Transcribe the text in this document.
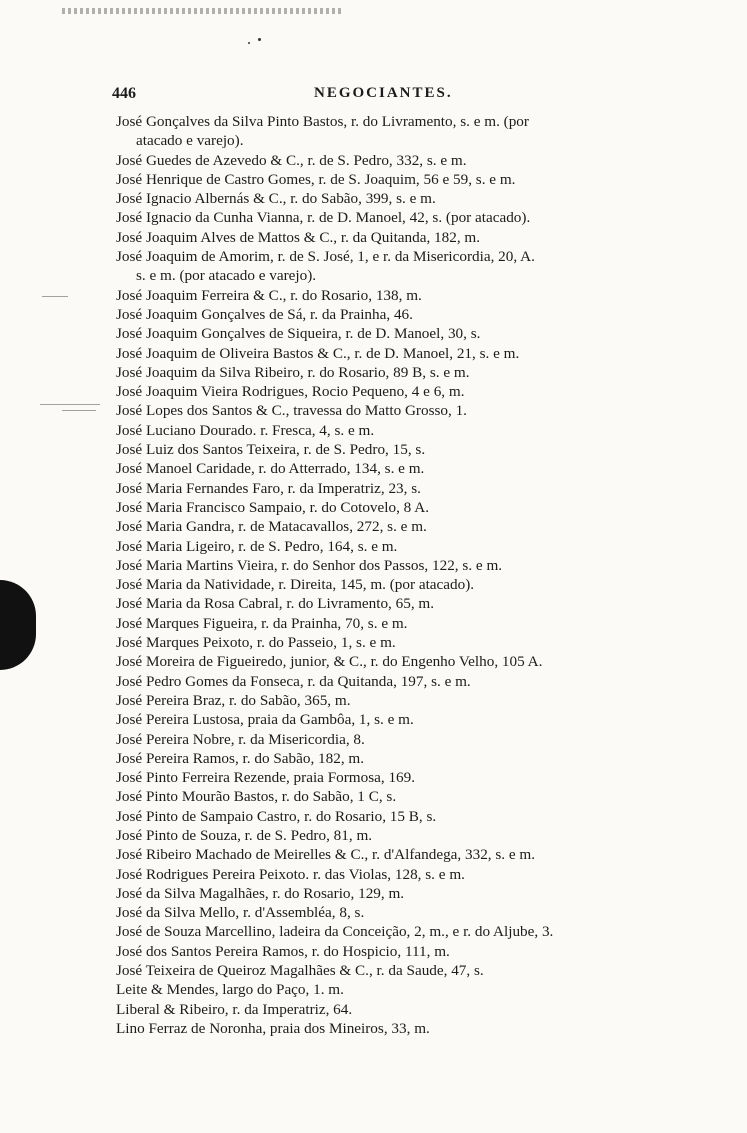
446	NEGOCIANTES.
José Gonçalves da Silva Pinto Bastos, r. do Livramento, s. e m. (por
atacado e varejo).
José Guedes de Azevedo & C., r. de S. Pedro, 332, s. e m.
José Henrique de Castro Gomes, r. de S. Joaquim, 56 e 59, s. e m.
José Ignacio Albernás & C., r. do Sabão, 399, s. e m.
José Ignacio da Cunha Vianna, r. de D. Manoel, 42, s. (por atacado).
José Joaquim Alves de Mattos & C., r. da Quitanda, 182, m.
José Joaquim de Amorim, r. de S. José, 1, e r. da Misericordia, 20, A.
s. e m. (por atacado e varejo).
José Joaquim Ferreira & C., r. do Rosario, 138, m.
José Joaquim Gonçalves de Sá, r. da Prainha, 46.
José Joaquim Gonçalves de Siqueira, r. de D. Manoel, 30, s.
José Joaquim de Oliveira Bastos & C., r. de D. Manoel, 21, s. e m.
José Joaquim da Silva Ribeiro, r. do Rosario, 89 B, s. e m.
José Joaquim Vieira Rodrigues, Rocio Pequeno, 4 e 6, m.
José Lopes dos Santos & C., travessa do Matto Grosso, 1.
José Luciano Dourado. r. Fresca, 4, s. e m.
José Luiz dos Santos Teixeira, r. de S. Pedro, 15, s.
José Manoel Caridade, r. do Atterrado, 134, s. e m.
José Maria Fernandes Faro, r. da Imperatriz, 23, s.
José Maria Francisco Sampaio, r. do Cotovelo, 8 A.
José Maria Gandra, r. de Matacavallos, 272, s. e m.
José Maria Ligeiro, r. de S. Pedro, 164, s. e m.
José Maria Martins Vieira, r. do Senhor dos Passos, 122, s. e m.
José Maria da Natividade, r. Direita, 145, m. (por atacado).
José Maria da Rosa Cabral, r. do Livramento, 65, m.
José Marques Figueira, r. da Prainha, 70, s. e m.
José Marques Peixoto, r. do Passeio, 1, s. e m.
José Moreira de Figueiredo, junior, & C., r. do Engenho Velho, 105 A.
José Pedro Gomes da Fonseca, r. da Quitanda, 197, s. e m.
José Pereira Braz, r. do Sabão, 365, m.
José Pereira Lustosa, praia da Gambôa, 1, s. e m.
José Pereira Nobre, r. da Misericordia, 8.
José Pereira Ramos, r. do Sabão, 182, m.
José Pinto Ferreira Rezende, praia Formosa, 169.
José Pinto Mourão Bastos, r. do Sabão, 1 C, s.
José Pinto de Sampaio Castro, r. do Rosario, 15 B, s.
José Pinto de Souza, r. de S. Pedro, 81, m.
José Ribeiro Machado de Meirelles & C., r. d'Alfandega, 332, s. e m.
José Rodrigues Pereira Peixoto. r. das Violas, 128, s. e m.
José da Silva Magalhães, r. do Rosario, 129, m.
José da Silva Mello, r. d'Assembléa, 8, s.
José de Souza Marcellino, ladeira da Conceição, 2, m., e r. do Aljube, 3.
José dos Santos Pereira Ramos, r. do Hospicio, 111, m.
José Teixeira de Queiroz Magalhães & C., r. da Saude, 47, s.
Leite & Mendes, largo do Paço, 1. m.
Liberal & Ribeiro, r. da Imperatriz, 64.
Lino Ferraz de Noronha, praia dos Mineiros, 33, m.
